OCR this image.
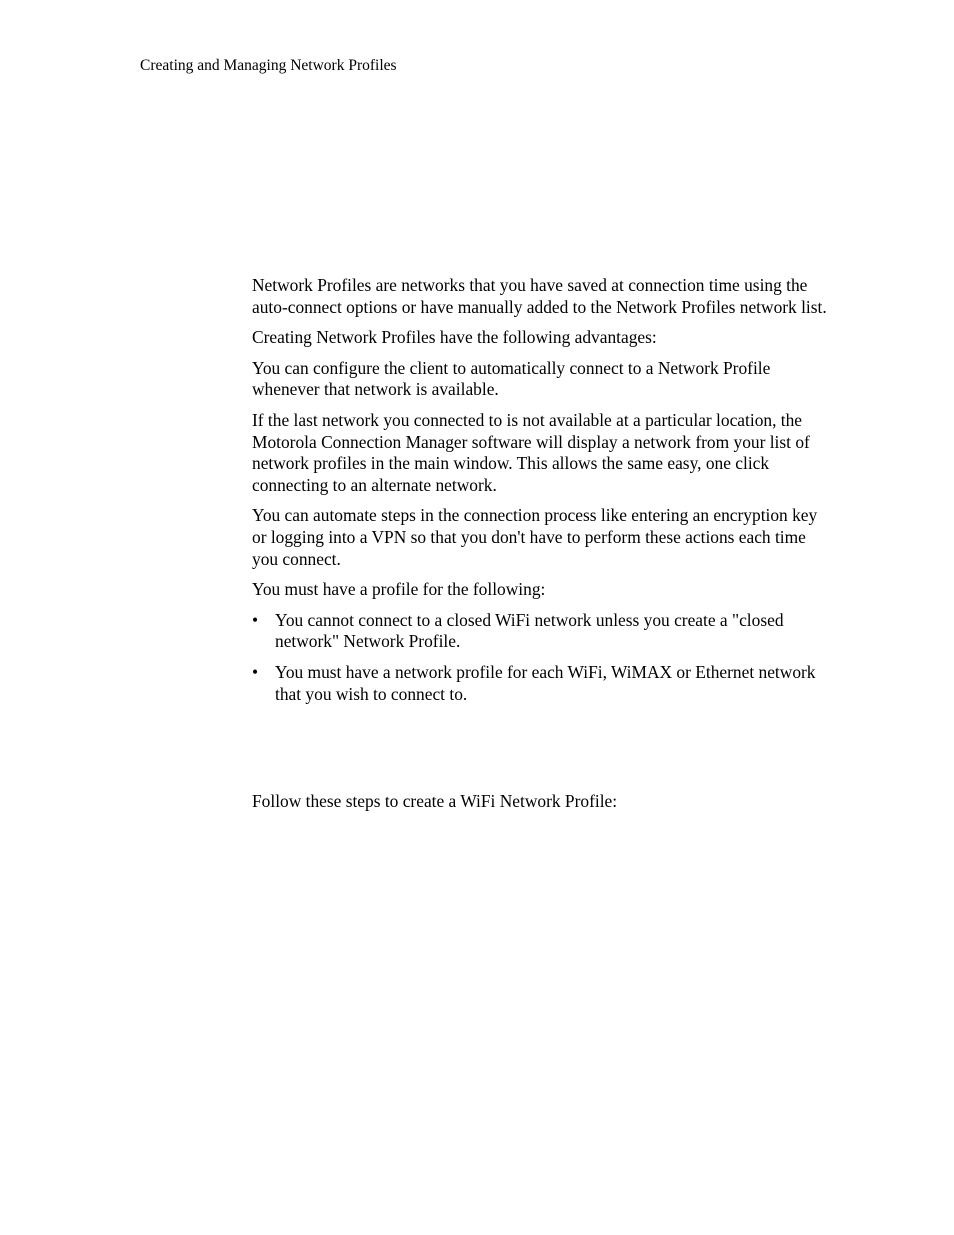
Creating and Managing Network Profiles

Network Profiles are networks that you have saved at connection time using the auto-connect options or have manually added to the Network Profiles network list.

Creating Network Profiles have the following advantages:

You can configure the client to automatically connect to a Network Profile whenever that network is available.

If the last network you connected to is not available at a particular location, the Motorola Connection Manager software will display a network from your list of network profiles in the main window. This allows the same easy, one click connecting to an alternate network.

You can automate steps in the connection process like entering an encryption key or logging into a VPN so that you don't have to perform these actions each time you connect.

You must have a profile for the following:

• You cannot connect to a closed WiFi network unless you create a "closed network" Network Profile.
• You must have a network profile for each WiFi, WiMAX or Ethernet network that you wish to connect to.

Follow these steps to create a WiFi Network Profile:
